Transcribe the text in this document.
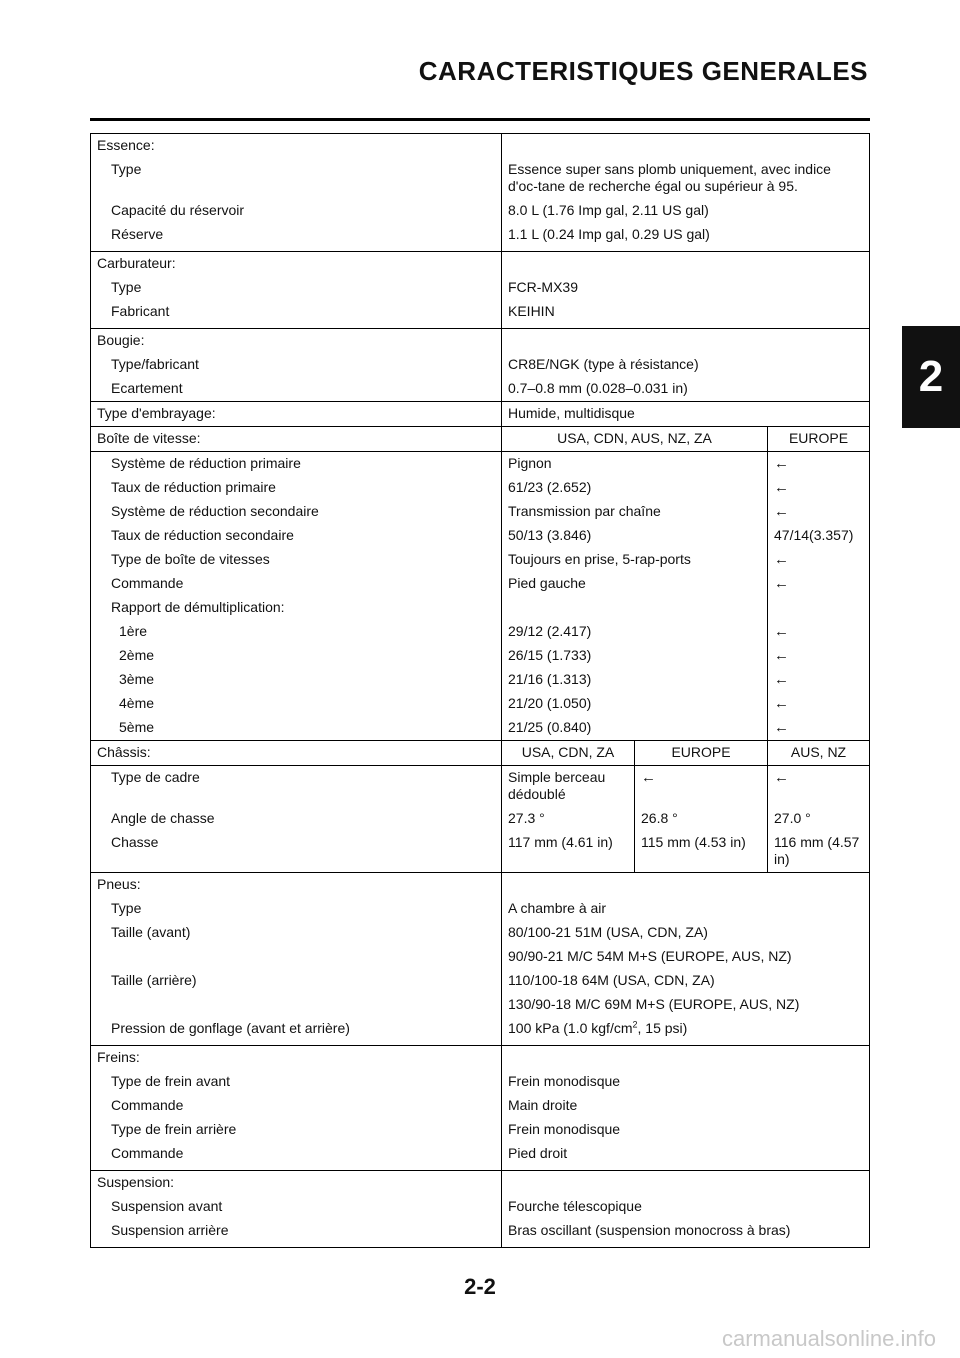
CARACTERISTIQUES GENERALES
2
Essence:			
Type	Essence super sans plomb uniquement, avec indice d'oc-tane de recherche égal ou supérieur à 95.		
Capacité du réservoir	8.0 L (1.76 Imp gal, 2.11 US gal)		
Réserve	1.1 L (0.24 Imp gal, 0.29 US gal)		
Carburateur:			
Type	FCR-MX39		
Fabricant	KEIHIN		
Bougie:			
Type/fabricant	CR8E/NGK (type à résistance)		
Ecartement	0.7–0.8 mm (0.028–0.031 in)		
Type d'embrayage:	Humide, multidisque		
Boîte de vitesse:	USA, CDN, AUS, NZ, ZA		EUROPE
Système de réduction primaire	Pignon		←
Taux de réduction primaire	61/23 (2.652)		←
Système de réduction secondaire	Transmission par chaîne		←
Taux de réduction secondaire	50/13 (3.846)		47/14(3.357)
Type de boîte de vitesses	Toujours en prise, 5-rap-ports		←
Commande	Pied gauche		←
Rapport de démultiplication:			
1ère	29/12 (2.417)		←
2ème	26/15 (1.733)		←
3ème	21/16 (1.313)		←
4ème	21/20 (1.050)		←
5ème	21/25 (0.840)		←
Châssis:	USA, CDN, ZA	EUROPE	AUS, NZ
Type de cadre	Simple berceau dédoublé	←	←
Angle de chasse	27.3 °	26.8 °	27.0 °
Chasse	117 mm (4.61 in)	115 mm (4.53 in)	116 mm (4.57 in)
Pneus:			
Type	A chambre à air		
Taille (avant)	80/100-21 51M (USA, CDN, ZA)		
	90/90-21 M/C 54M M+S (EUROPE, AUS, NZ)		
Taille (arrière)	110/100-18 64M (USA, CDN, ZA)		
	130/90-18 M/C 69M M+S (EUROPE, AUS, NZ)		
Pression de gonflage (avant et arrière)	100 kPa (1.0 kgf/$cm^2$, 15 psi)		
Freins:			
Type de frein avant	Frein monodisque		
Commande	Main droite		
Type de frein arrière	Frein monodisque		
Commande	Pied droit		
Suspension:			
Suspension avant	Fourche télescopique		
Suspension arrière	Bras oscillant (suspension monocross à bras)		
2-2
carmanualsonline.info
